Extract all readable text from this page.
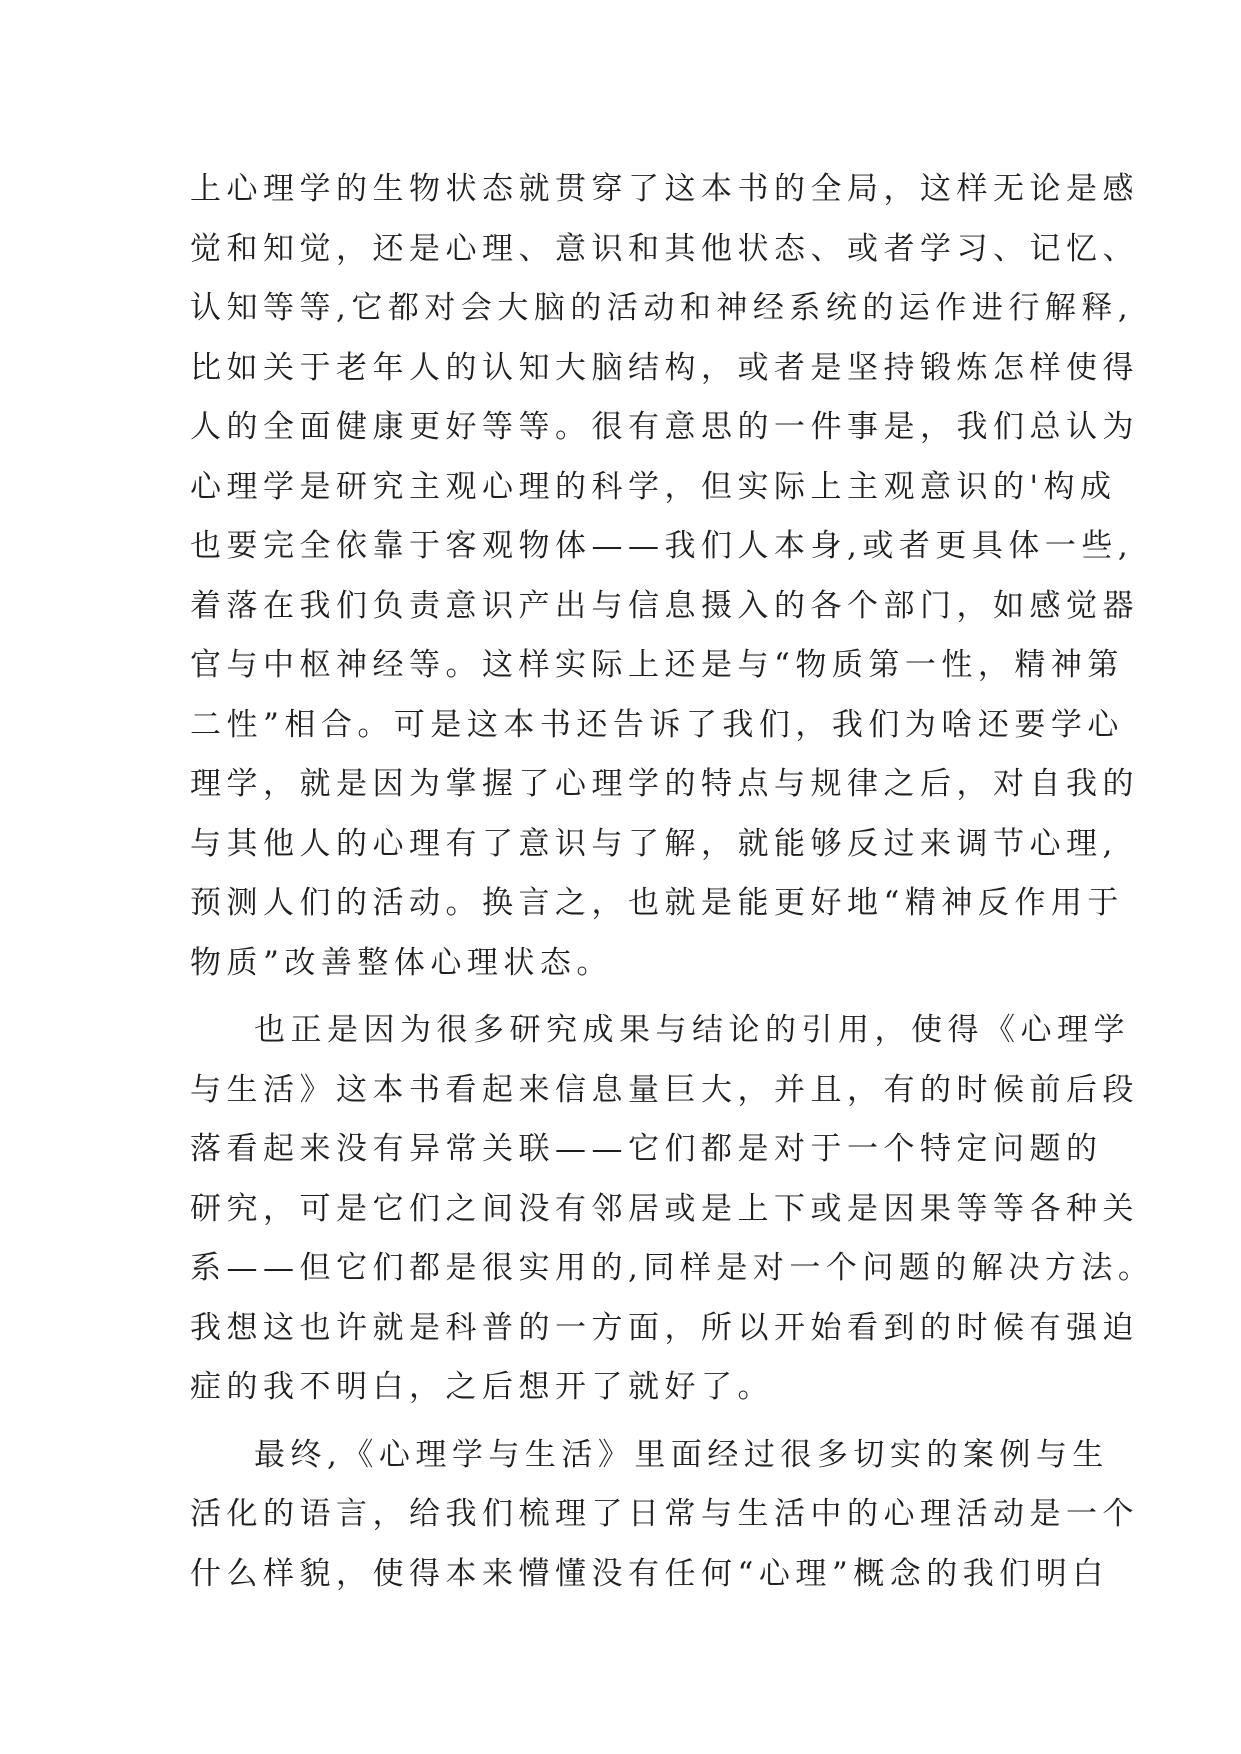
上心理学的生物状态就贯穿了这本书的全局，这样无论是感
觉和知觉，还是心理、意识和其他状态、或者学习、记忆、
认知等等,它都对会大脑的活动和神经系统的运作进行解释,
比如关于老年人的认知大脑结构，或者是坚持锻炼怎样使得
人的全面健康更好等等。很有意思的一件事是，我们总认为
心理学是研究主观心理的科学，但实际上主观意识的'构成
也要完全依靠于客观物体——我们人本身,或者更具体一些,
着落在我们负责意识产出与信息摄入的各个部门，如感觉器
官与中枢神经等。这样实际上还是与“物质第一性，精神第
二性”相合。可是这本书还告诉了我们，我们为啥还要学心
理学，就是因为掌握了心理学的特点与规律之后，对自我的
与其他人的心理有了意识与了解，就能够反过来调节心理,
预测人们的活动。换言之，也就是能更好地“精神反作用于
物质”改善整体心理状态。
也正是因为很多研究成果与结论的引用，使得《心理学
与生活》这本书看起来信息量巨大，并且，有的时候前后段
落看起来没有异常关联——它们都是对于一个特定问题的
研究，可是它们之间没有邻居或是上下或是因果等等各种关
系——但它们都是很实用的,同样是对一个问题的解决方法。
我想这也许就是科普的一方面，所以开始看到的时候有强迫
症的我不明白，之后想开了就好了。
最终,《心理学与生活》里面经过很多切实的案例与生
活化的语言，给我们梳理了日常与生活中的心理活动是一个
什么样貌，使得本来懵懂没有任何“心理”概念的我们明白
